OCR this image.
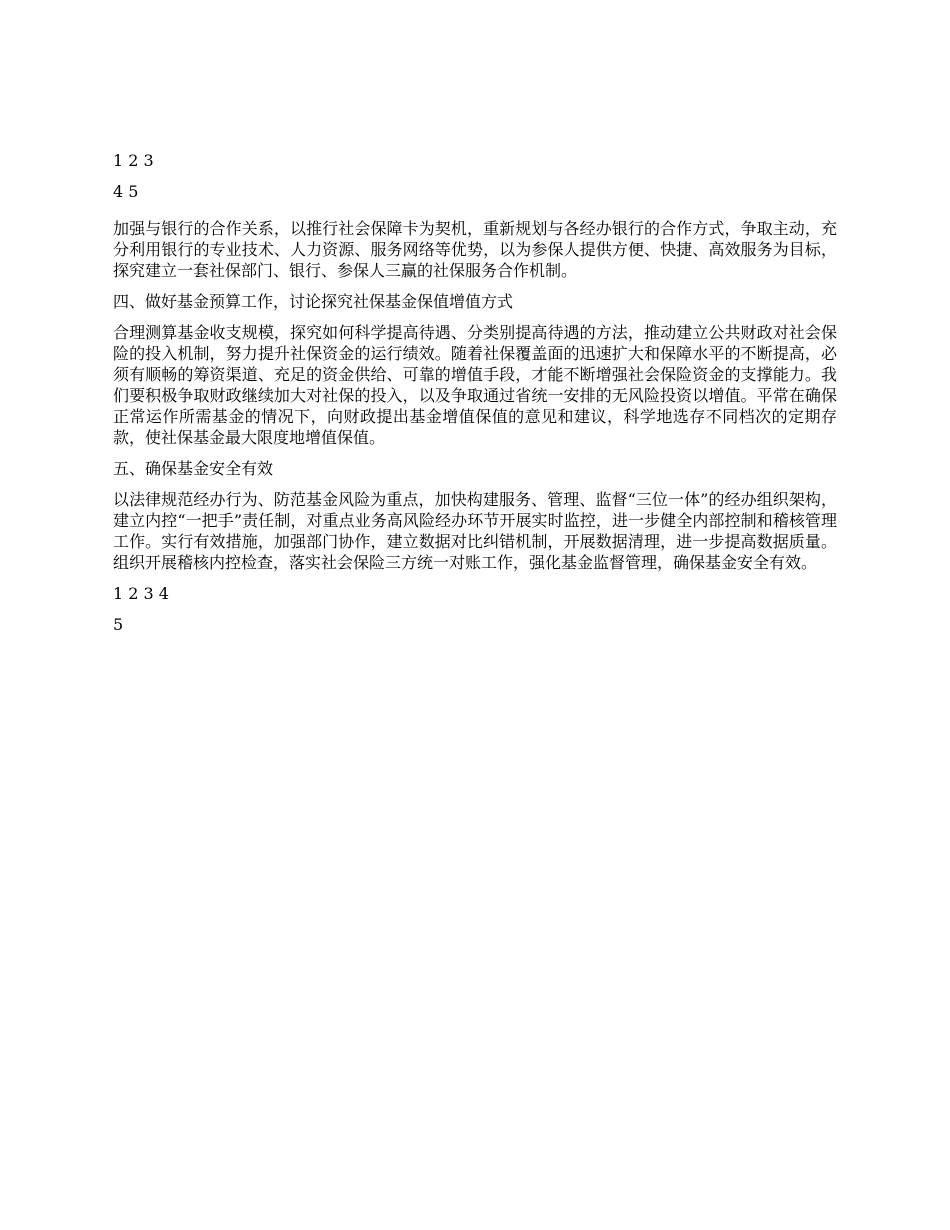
1 2 3

4 5

加强与银行的合作关系，以推行社会保障卡为契机，重新规划与各经办银行的合作方式，争取主动，充分利用银行的专业技术、人力资源、服务网络等优势，以为参保人提供方便、快捷、高效服务为目标，探究建立一套社保部门、银行、参保人三赢的社保服务合作机制。

四、做好基金预算工作，讨论探究社保基金保值增值方式

合理测算基金收支规模，探究如何科学提高待遇、分类别提高待遇的方法，推动建立公共财政对社会保险的投入机制，努力提升社保资金的运行绩效。随着社保覆盖面的迅速扩大和保障水平的不断提高，必须有顺畅的筹资渠道、充足的资金供给、可靠的增值手段，才能不断增强社会保险资金的支撑能力。我们要积极争取财政继续加大对社保的投入，以及争取通过省统一安排的无风险投资以增值。平常在确保正常运作所需基金的情况下，向财政提出基金增值保值的意见和建议，科学地选存不同档次的定期存款，使社保基金最大限度地增值保值。

五、确保基金安全有效

以法律规范经办行为、防范基金风险为重点，加快构建服务、管理、监督“三位一体”的经办组织架构，建立内控“一把手”责任制，对重点业务高风险经办环节开展实时监控，进一步健全内部控制和稽核管理工作。实行有效措施，加强部门协作，建立数据对比纠错机制，开展数据清理，进一步提高数据质量。组织开展稽核内控检查，落实社会保险三方统一对账工作，强化基金监督管理，确保基金安全有效。

1 2 3 4

5
